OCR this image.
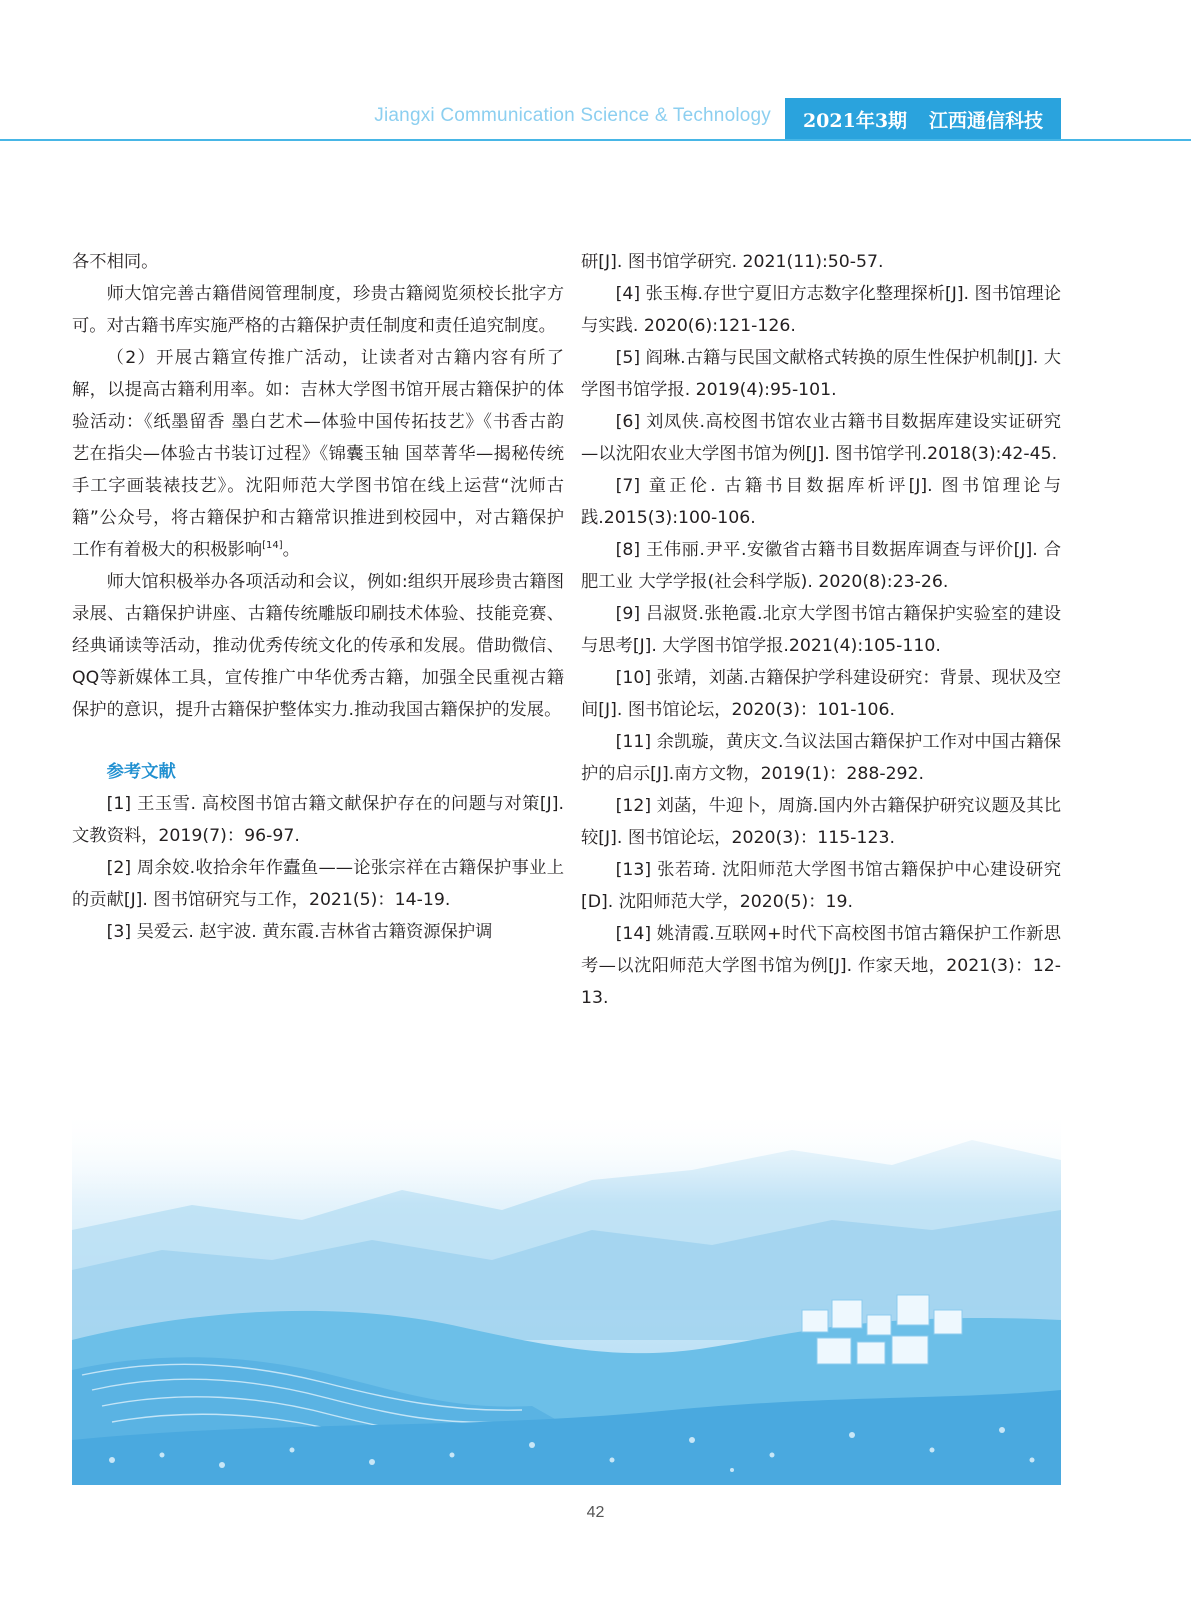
Jiangxi Communication Science & Technology 2021年3期 江西通信科技

各不相同。

师大馆完善古籍借阅管理制度，珍贵古籍阅览须校长批字方可。对古籍书库实施严格的古籍保护责任制度和责任追究制度。

（2）开展古籍宣传推广活动，让读者对古籍内容有所了解，以提高古籍利用率。如：吉林大学图书馆开展古籍保护的体验活动：《纸墨留香 墨白艺术—体验中国传拓技艺》《书香古韵 艺在指尖—体验古书装订过程》《锦囊玉轴 国萃菁华—揭秘传统手工字画装裱技艺》。沈阳师范大学图书馆在线上运营“沈师古籍”公众号，将古籍保护和古籍常识推进到校园中，对古籍保护工作有着极大的积极影响[14]。

师大馆积极举办各项活动和会议，例如:组织开展珍贵古籍图录展、古籍保护讲座、古籍传统雕版印刷技术体验、技能竞赛、经典诵读等活动，推动优秀传统文化的传承和发展。借助微信、QQ等新媒体工具，宣传推广中华优秀古籍，加强全民重视古籍保护的意识，提升古籍保护整体实力.推动我国古籍保护的发展。

参考文献

[1] 王玉雪. 高校图书馆古籍文献保护存在的问题与对策[J].文教资料，2019(7)：96-97.

[2] 周余姣.收拾余年作蠹鱼——论张宗祥在古籍保护事业上的贡献[J]. 图书馆研究与工作，2021(5)：14-19.

[3] 吴爱云. 赵宇波. 黄东霞.吉林省古籍资源保护调

研[J]. 图书馆学研究. 2021(11):50-57.

[4] 张玉梅.存世宁夏旧方志数字化整理探析[J]. 图书馆理论与实践. 2020(6):121-126.

[5] 阎琳.古籍与民国文献格式转换的原生性保护机制[J]. 大学图书馆学报. 2019(4):95-101.

[6] 刘凤侠.高校图书馆农业古籍书目数据库建设实证研究—以沈阳农业大学图书馆为例[J]. 图书馆学刊.2018(3):42-45.

[7] 童正伦. 古籍书目数据库析评[J]. 图书馆理论与践.2015(3):100-106.

[8] 王伟丽.尹平.安徽省古籍书目数据库调查与评价[J]. 合肥工业 大学学报(社会科学版). 2020(8):23-26.

[9] 吕淑贤.张艳霞.北京大学图书馆古籍保护实验室的建设与思考[J]. 大学图书馆学报.2021(4):105-110.

[10] 张靖，刘菡.古籍保护学科建设研究：背景、现状及空间[J]. 图书馆论坛，2020(3)：101-106.

[11] 余凯璇，黄庆文.刍议法国古籍保护工作对中国古籍保护的启示[J].南方文物，2019(1)：288-292.

[12] 刘菡，牛迎卜，周旖.国内外古籍保护研究议题及其比较[J]. 图书馆论坛，2020(3)：115-123.

[13] 张若琦. 沈阳师范大学图书馆古籍保护中心建设研究[D]. 沈阳师范大学，2020(5)：19.

[14] 姚清霞.互联网+时代下高校图书馆古籍保护工作新思考—以沈阳师范大学图书馆为例[J]. 作家天地，2021(3)：12-13.

42
